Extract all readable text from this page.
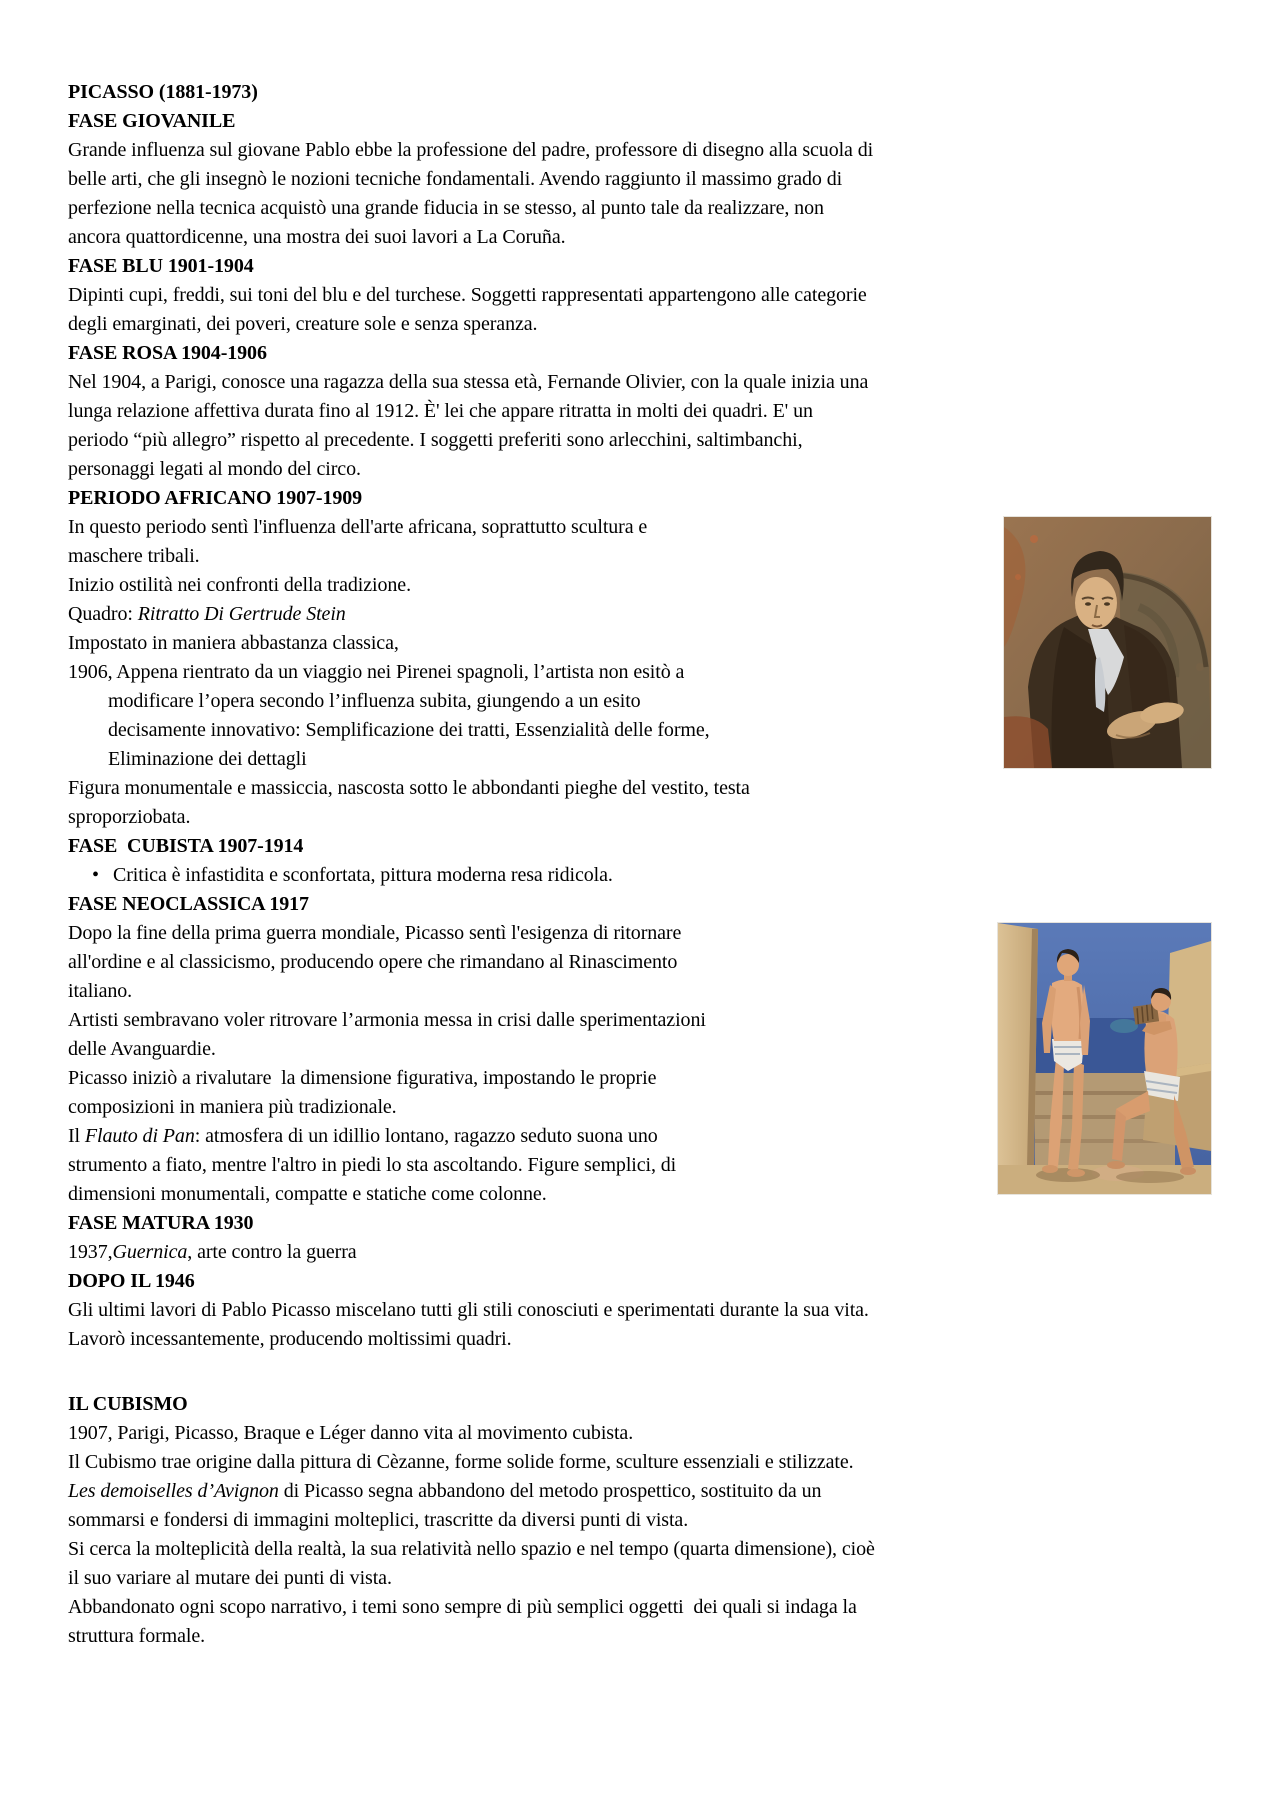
PICASSO (1881-1973)
FASE GIOVANILE
Grande influenza sul giovane Pablo ebbe la professione del padre, professore di disegno alla scuola di
belle arti, che gli insegnò le nozioni tecniche fondamentali. Avendo raggiunto il massimo grado di
perfezione nella tecnica acquistò una grande fiducia in se stesso, al punto tale da realizzare, non
ancora quattordicenne, una mostra dei suoi lavori a La Coruña.
FASE BLU 1901-1904
Dipinti cupi, freddi, sui toni del blu e del turchese. Soggetti rappresentati appartengono alle categorie
degli emarginati, dei poveri, creature sole e senza speranza.
FASE ROSA 1904-1906
Nel 1904, a Parigi, conosce una ragazza della sua stessa età, Fernande Olivier, con la quale inizia una
lunga relazione affettiva durata fino al 1912. È' lei che appare ritratta in molti dei quadri. E' un
periodo “più allegro” rispetto al precedente. I soggetti preferiti sono arlecchini, saltimbanchi,
personaggi legati al mondo del circo.
PERIODO AFRICANO 1907-1909
In questo periodo sentì l'influenza dell'arte africana, soprattutto scultura e
maschere tribali.
Inizio ostilità nei confronti della tradizione.
Quadro: Ritratto Di Gertrude Stein
Impostato in maniera abbastanza classica,
1906, Appena rientrato da un viaggio nei Pirenei spagnoli, l’artista non esitò a
modificare l’opera secondo l’influenza subita, giungendo a un esito
decisamente innovativo: Semplificazione dei tratti, Essenzialità delle forme,
Eliminazione dei dettagli
Figura monumentale e massiccia, nascosta sotto le abbondanti pieghe del vestito, testa
sproporziobata.
FASE  CUBISTA 1907-1914
• Critica è infastidita e sconfortata, pittura moderna resa ridicola.
FASE NEOCLASSICA 1917
Dopo la fine della prima guerra mondiale, Picasso sentì l'esigenza di ritornare
all'ordine e al classicismo, producendo opere che rimandano al Rinascimento
italiano.
Artisti sembravano voler ritrovare l’armonia messa in crisi dalle sperimentazioni
delle Avanguardie.
Picasso iniziò a rivalutare  la dimensione figurativa, impostando le proprie
composizioni in maniera più tradizionale.
Il Flauto di Pan: atmosfera di un idillio lontano, ragazzo seduto suona uno
strumento a fiato, mentre l'altro in piedi lo sta ascoltando. Figure semplici, di
dimensioni monumentali, compatte e statiche come colonne.
FASE MATURA 1930
1937,Guernica, arte contro la guerra
DOPO IL 1946
Gli ultimi lavori di Pablo Picasso miscelano tutti gli stili conosciuti e sperimentati durante la sua vita.
Lavorò incessantemente, producendo moltissimi quadri.
IL CUBISMO
1907, Parigi, Picasso, Braque e Léger danno vita al movimento cubista.
Il Cubismo trae origine dalla pittura di Cèzanne, forme solide forme, sculture essenziali e stilizzate.
Les demoiselles d’Avignon di Picasso segna abbandono del metodo prospettico, sostituito da un
sommarsi e fondersi di immagini molteplici, trascritte da diversi punti di vista.
Si cerca la molteplicità della realtà, la sua relatività nello spazio e nel tempo (quarta dimensione), cioè
il suo variare al mutare dei punti di vista.
Abbandonato ogni scopo narrativo, i temi sono sempre di più semplici oggetti  dei quali si indaga la
struttura formale.
